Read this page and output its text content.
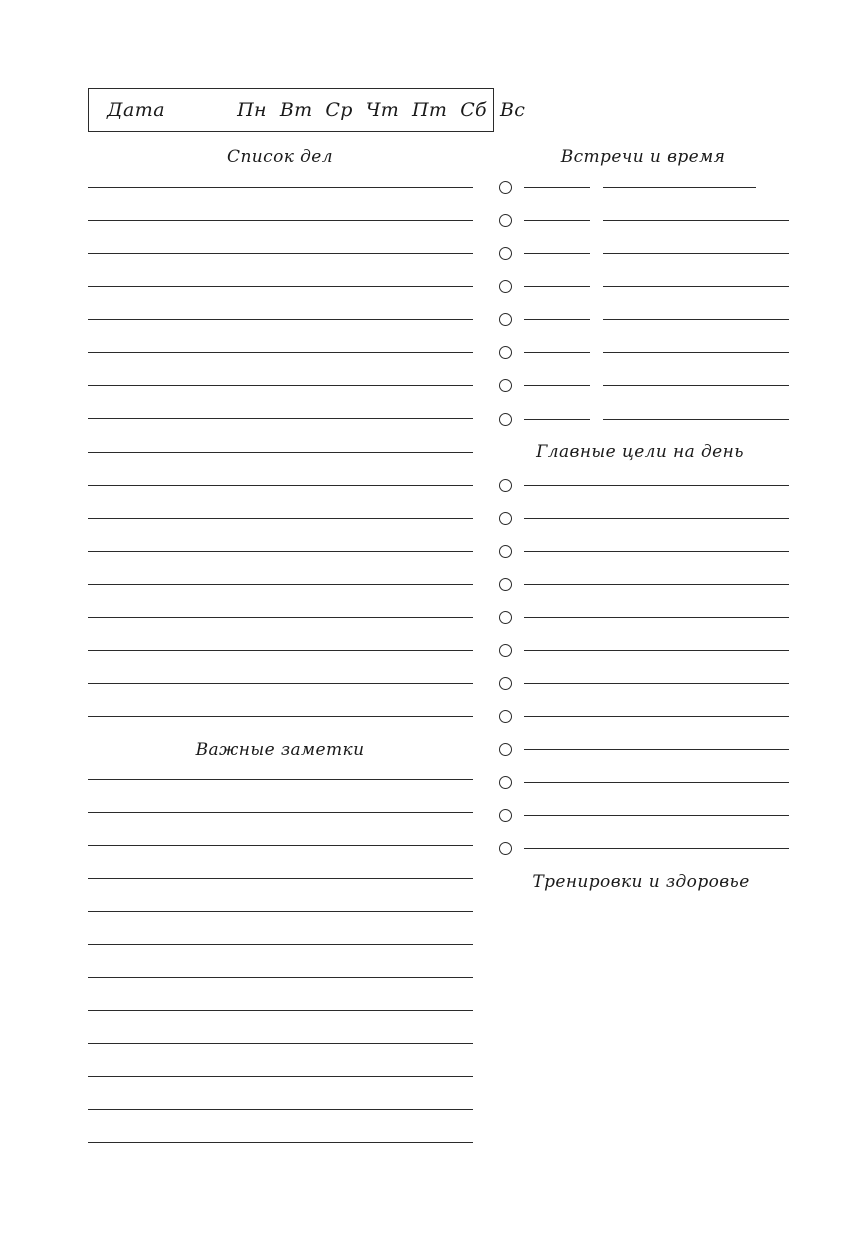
Дата	Пн Вт Ср Чт Пт Сб Вс
Список дел
Важные заметки
Встречи и время
Главные цели на день
Тренировки и здоровье
